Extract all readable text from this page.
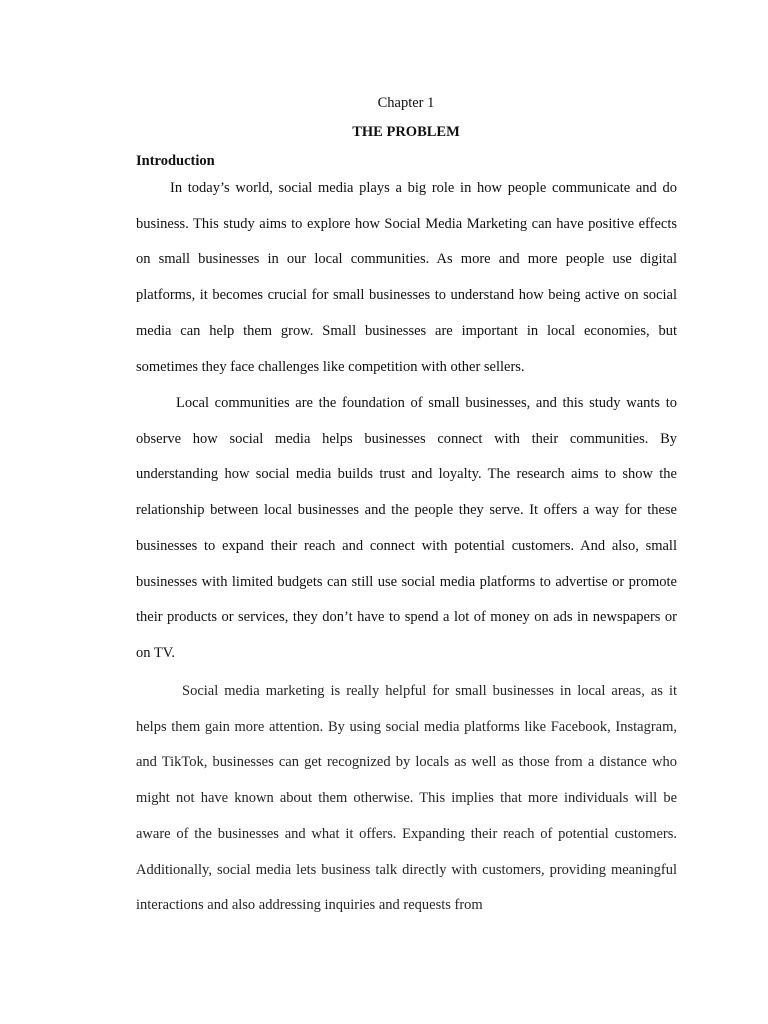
Chapter 1
THE PROBLEM
Introduction

In today’s world, social media plays a big role in how people communicate and do business. This study aims to explore how Social Media Marketing can have positive effects on small businesses in our local communities. As more and more people use digital platforms, it becomes crucial for small businesses to understand how being active on social media can help them grow. Small businesses are important in local economies, but sometimes they face challenges like competition with other sellers.

Local communities are the foundation of small businesses, and this study wants to observe how social media helps businesses connect with their communities. By understanding how social media builds trust and loyalty. The research aims to show the relationship between local businesses and the people they serve. It offers a way for these businesses to expand their reach and connect with potential customers. And also, small businesses with limited budgets can still use social media platforms to advertise or promote their products or services, they don’t have to spend a lot of money on ads in newspapers or on TV.

Social media marketing is really helpful for small businesses in local areas, as it helps them gain more attention. By using social media platforms like Facebook, Instagram, and TikTok, businesses can get recognized by locals as well as those from a distance who might not have known about them otherwise. This implies that more individuals will be aware of the businesses and what it offers. Expanding their reach of potential customers. Additionally, social media lets business talk directly with customers, providing meaningful interactions and also addressing inquiries and requests from
